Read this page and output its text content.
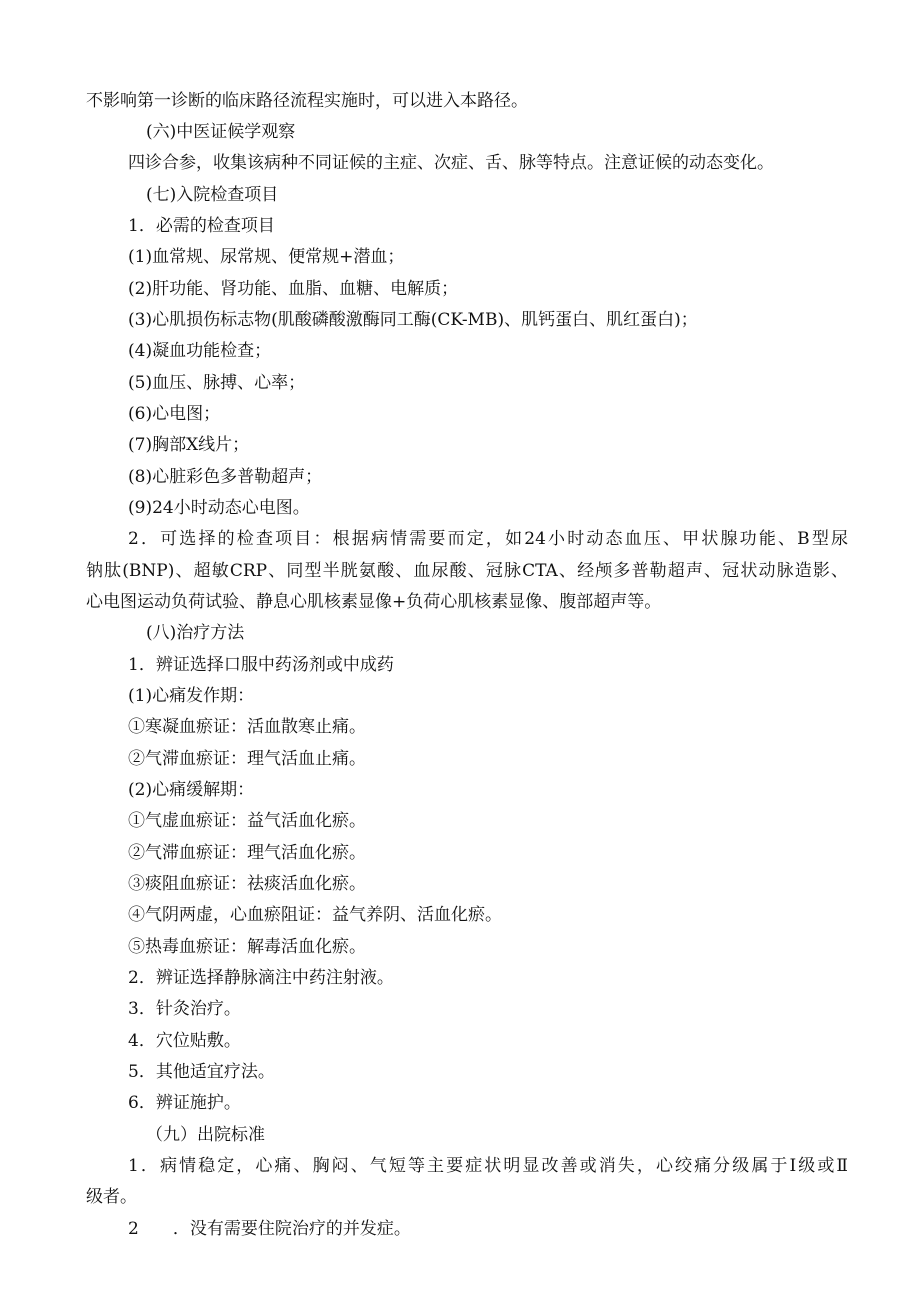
不影响第一诊断的临床路径流程实施时，可以进入本路径。
(六)中医证候学观察
四诊合参，收集该病种不同证候的主症、次症、舌、脉等特点。注意证候的动态变化。
(七)入院检查项目
1．必需的检查项目
(1)血常规、尿常规、便常规+潜血；
(2)肝功能、肾功能、血脂、血糖、电解质；
(3)心肌损伤标志物(肌酸磷酸激酶同工酶(CK-MB)、肌钙蛋白、肌红蛋白)；
(4)凝血功能检查；
(5)血压、脉搏、心率；
(6)心电图；
(7)胸部X线片；
(8)心脏彩色多普勒超声；
(9)24小时动态心电图。
2．可选择的检查项目：根据病情需要而定，如24小时动态血压、甲状腺功能、B型尿
钠肽(BNP)、超敏CRP、同型半胱氨酸、血尿酸、冠脉CTA、经颅多普勒超声、冠状动脉造影、
心电图运动负荷试验、静息心肌核素显像+负荷心肌核素显像、腹部超声等。
(八)治疗方法
1．辨证选择口服中药汤剂或中成药
(1)心痛发作期：
①寒凝血瘀证：活血散寒止痛。
②气滞血瘀证：理气活血止痛。
(2)心痛缓解期：
①气虚血瘀证：益气活血化瘀。
②气滞血瘀证：理气活血化瘀。
③痰阻血瘀证：祛痰活血化瘀。
④气阴两虚，心血瘀阻证：益气养阴、活血化瘀。
⑤热毒血瘀证：解毒活血化瘀。
2．辨证选择静脉滴注中药注射液。
3．针灸治疗。
4．穴位贴敷。
5．其他适宜疗法。
6．辨证施护。
（九）出院标准
1．病情稳定，心痛、胸闷、气短等主要症状明显改善或消失，心绞痛分级属于Ⅰ级或Ⅱ
级者。
2　　．没有需要住院治疗的并发症。
